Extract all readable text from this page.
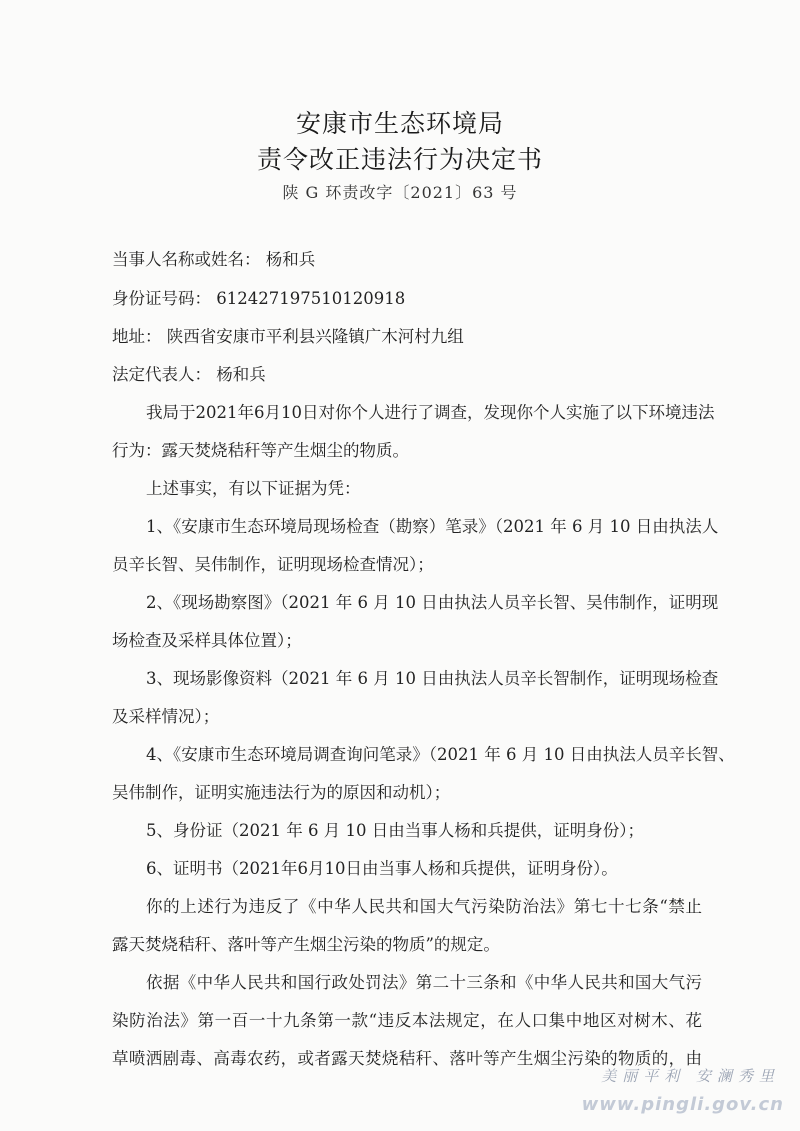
安康市生态环境局
责令改正违法行为决定书
陕 G 环责改字〔2021〕63 号
当事人名称或姓名： 杨和兵
身份证号码： 612427197510120918
地址： 陕西省安康市平利县兴隆镇广木河村九组
法定代表人： 杨和兵
我局于2021年6月10日对你个人进行了调查，发现你个人实施了以下环境违法
行为：露天焚烧秸秆等产生烟尘的物质。
上述事实，有以下证据为凭：
1、《安康市生态环境局现场检查（勘察）笔录》（2021 年 6 月 10 日由执法人
员辛长智、吴伟制作，证明现场检查情况）；
2、《现场勘察图》（2021 年 6 月 10 日由执法人员辛长智、吴伟制作，证明现
场检查及采样具体位置）；
3、现场影像资料（2021 年 6 月 10 日由执法人员辛长智制作，证明现场检查
及采样情况）；
4、《安康市生态环境局调查询问笔录》（2021 年 6 月 10 日由执法人员辛长智、
吴伟制作，证明实施违法行为的原因和动机）；
5、身份证（2021 年 6 月 10 日由当事人杨和兵提供，证明身份）；
6、证明书（2021年6月10日由当事人杨和兵提供，证明身份）。
你的上述行为违反了《中华人民共和国大气污染防治法》第七十七条“禁止
露天焚烧秸秆、落叶等产生烟尘污染的物质”的规定。
依据《中华人民共和国行政处罚法》第二十三条和《中华人民共和国大气污
染防治法》第一百一十九条第一款“违反本法规定，在人口集中地区对树木、花
草喷洒剧毒、高毒农药，或者露天焚烧秸秆、落叶等产生烟尘污染的物质的，由
美丽平利 安澜秀里
www.pingli.gov.cn
